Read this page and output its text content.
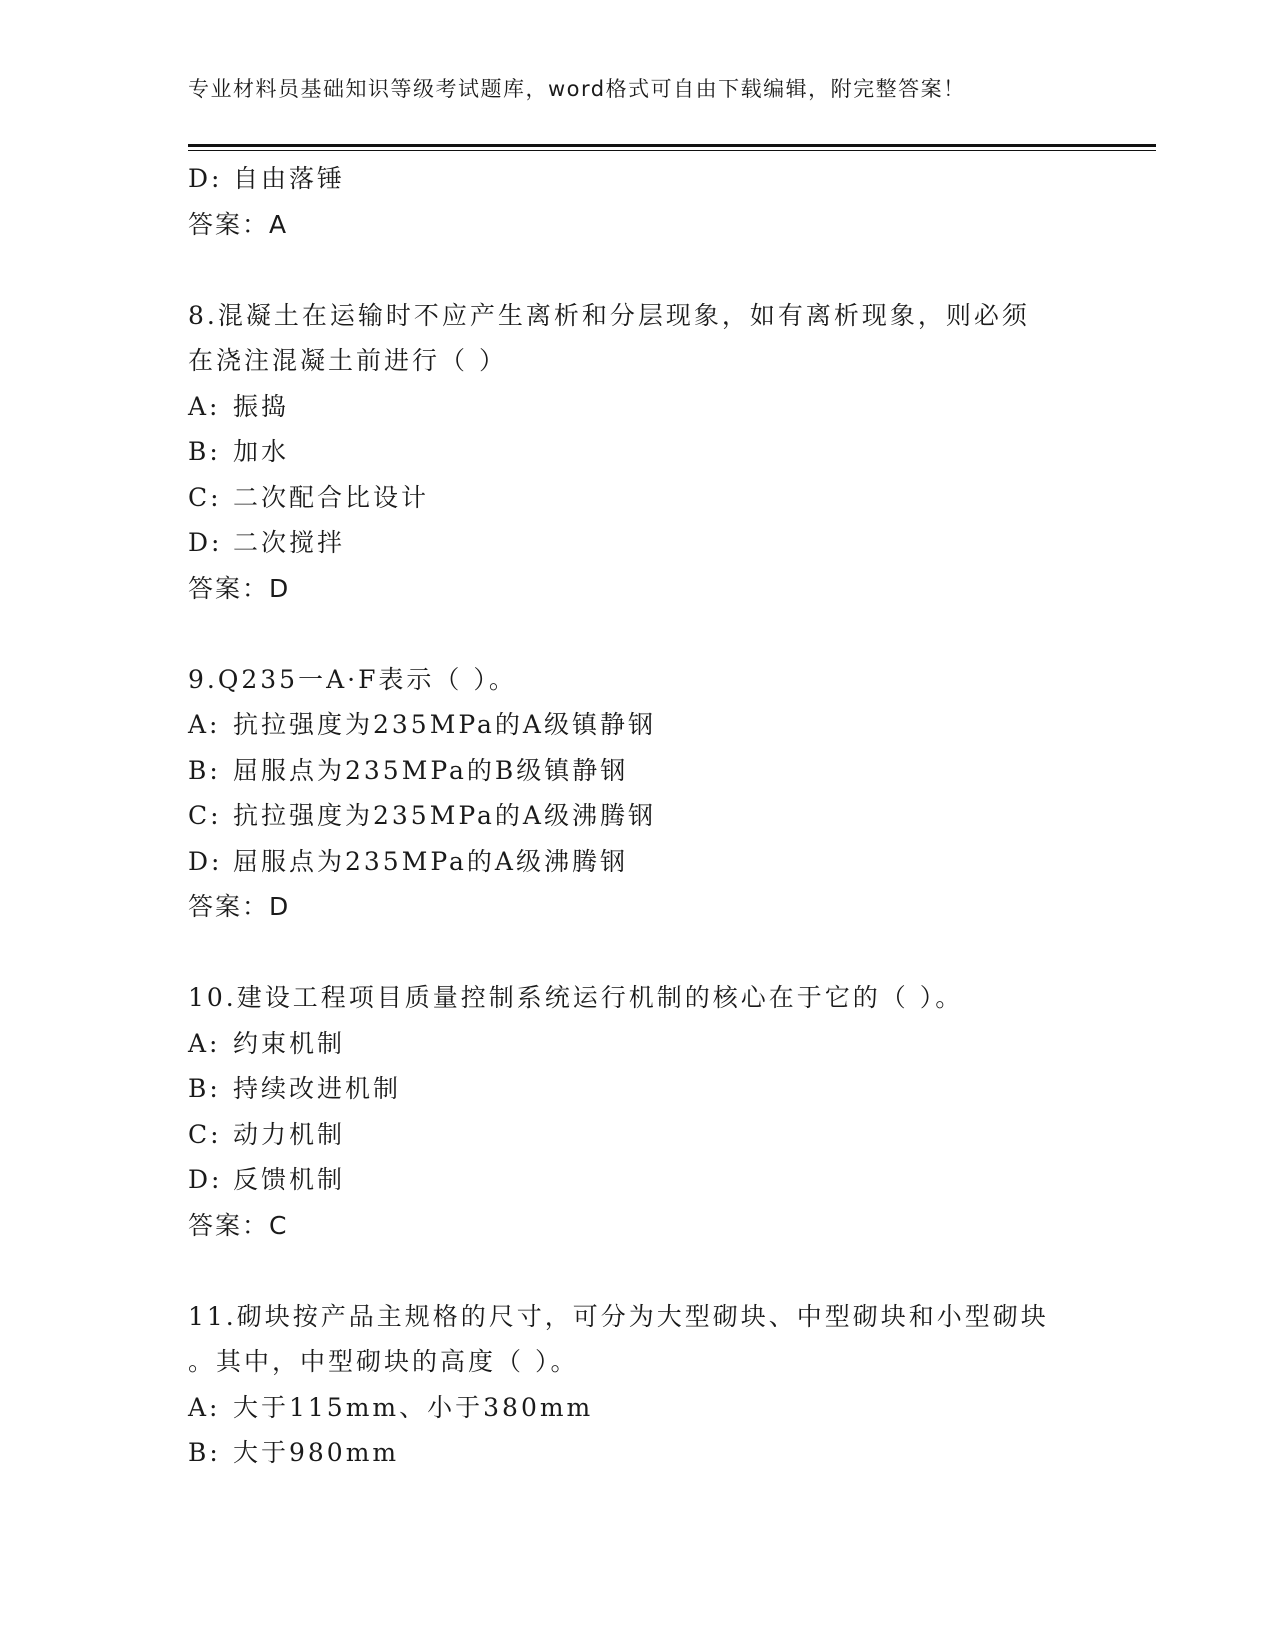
专业材料员基础知识等级考试题库，word格式可自由下载编辑，附完整答案！
D: 自由落锤
答案：A
8.混凝土在运输时不应产生离析和分层现象，如有离析现象，则必须
在浇注混凝土前进行（ ）
A: 振捣
B: 加水
C: 二次配合比设计
D: 二次搅拌
答案：D
9.Q235一A·F表示（ ）。
A: 抗拉强度为235MPa的A级镇静钢
B: 屈服点为235MPa的B级镇静钢
C: 抗拉强度为235MPa的A级沸腾钢
D: 屈服点为235MPa的A级沸腾钢
答案：D
10.建设工程项目质量控制系统运行机制的核心在于它的（ ）。
A: 约束机制
B: 持续改进机制
C: 动力机制
D: 反馈机制
答案：C
11.砌块按产品主规格的尺寸，可分为大型砌块、中型砌块和小型砌块
。其中，中型砌块的高度（ ）。
A: 大于115mm、小于380mm
B: 大于980mm
